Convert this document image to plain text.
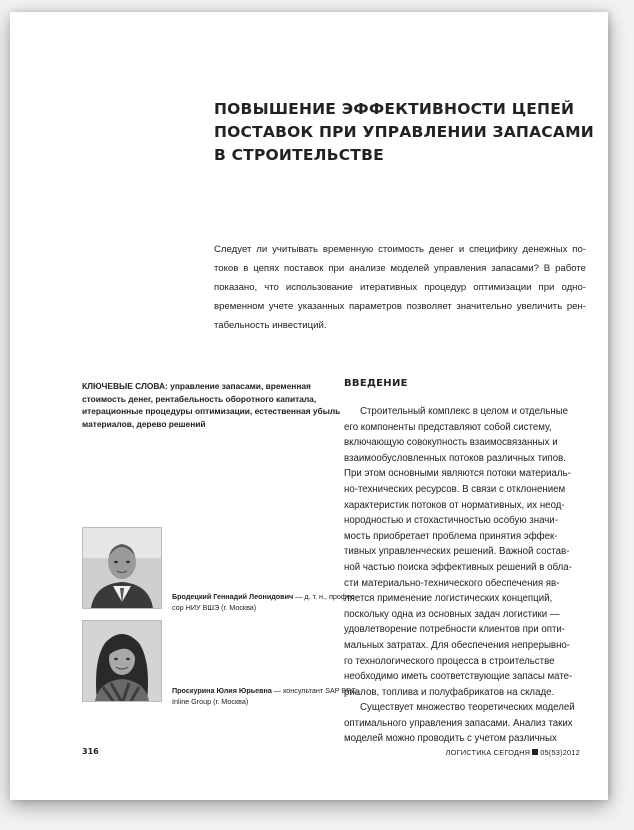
ПОВЫШЕНИЕ ЭФФЕКТИВНОСТИ ЦЕПЕЙ
ПОСТАВОК ПРИ УПРАВЛЕНИИ ЗАПАСАМИ
В СТРОИТЕЛЬСТВЕ
Следует ли учитывать временную стоимость денег и специфику денежных по-
токов в цепях поставок при анализе моделей управления запасами? В работе
показано, что использование итеративных процедур оптимизации при одно-
временном учете указанных параметров позволяет значительно увеличить рен-
табельность инвестиций.
КЛЮЧЕВЫЕ СЛОВА: управление запасами, временная
стоимость денег, рентабельность оборотного капитала,
итерационные процедуры оптимизации, естественная убыль
материалов, дерево решений
ВВЕДЕНИЕ
Строительный комплекс в целом и отдельные
его компоненты представляют собой систему,
включающую совокупность взаимосвязанных и
взаимообусловленных потоков различных типов.
При этом основными являются потоки материаль-
но-технических ресурсов. В связи с отклонением
характеристик потоков от нормативных, их неод-
нородностью и стохастичностью особую значи-
мость приобретает проблема принятия эффек-
тивных управленческих решений. Важной состав-
ной частью поиска эффективных решений в обла-
сти материально-технического обеспечения яв-
ляется применение логистических концепций,
поскольку одна из основных задач логистики —
удовлетворение потребности клиентов при опти-
мальных затратах. Для обеспечения непрерывно-
го технологического процесса в строительстве
необходимо иметь соответствующие запасы мате-
риалов, топлива и полуфабрикатов на складе.
Существует множество теоретических моделей
оптимального управления запасами. Анализ таких
моделей можно проводить с учетом различных
Бродецкий Геннадий Леонидович — д. т. н., профес-
сор НИУ ВШЭ (г. Москва)
Проскурина Юлия Юрьевна — консультант SAP BPC,
Inline Group (г. Москва)
316	ЛОГИСТИКА СЕГОДНЯ 05(53)2012
